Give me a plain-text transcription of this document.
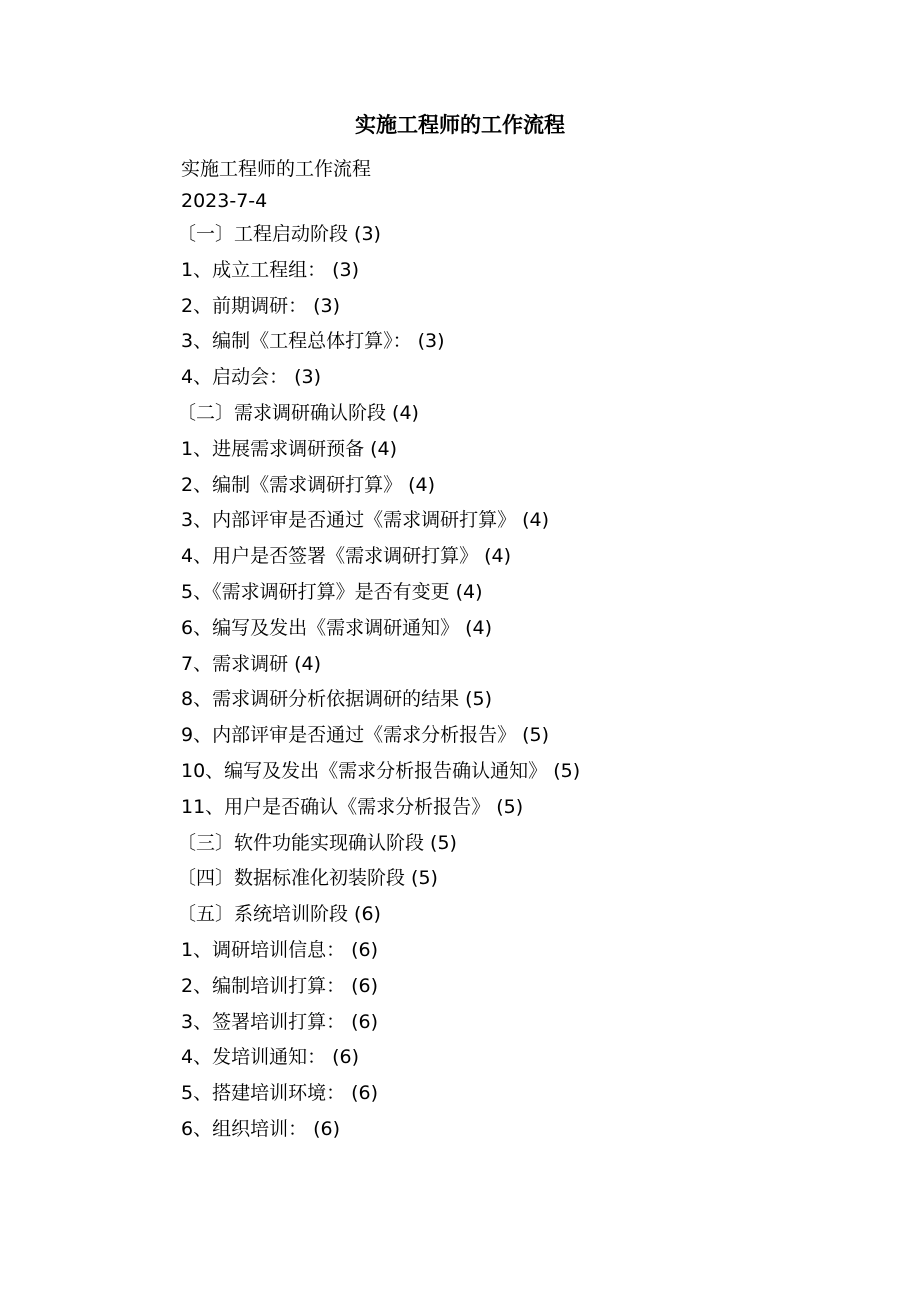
实施工程师的工作流程
实施工程师的工作流程
2023-7-4
〔一〕工程启动阶段 (3)
1、成立工程组： (3)
2、前期调研： (3)
3、编制《工程总体打算》： (3)
4、启动会： (3)
〔二〕需求调研确认阶段 (4)
1、进展需求调研预备 (4)
2、编制《需求调研打算》 (4)
3、内部评审是否通过《需求调研打算》 (4)
4、用户是否签署《需求调研打算》 (4)
5、《需求调研打算》是否有变更 (4)
6、编写及发出《需求调研通知》 (4)
7、需求调研 (4)
8、需求调研分析依据调研的结果 (5)
9、内部评审是否通过《需求分析报告》 (5)
10、编写及发出《需求分析报告确认通知》 (5)
11、用户是否确认《需求分析报告》 (5)
〔三〕软件功能实现确认阶段 (5)
〔四〕数据标准化初装阶段 (5)
〔五〕系统培训阶段 (6)
1、调研培训信息： (6)
2、编制培训打算： (6)
3、签署培训打算： (6)
4、发培训通知： (6)
5、搭建培训环境： (6)
6、组织培训： (6)
